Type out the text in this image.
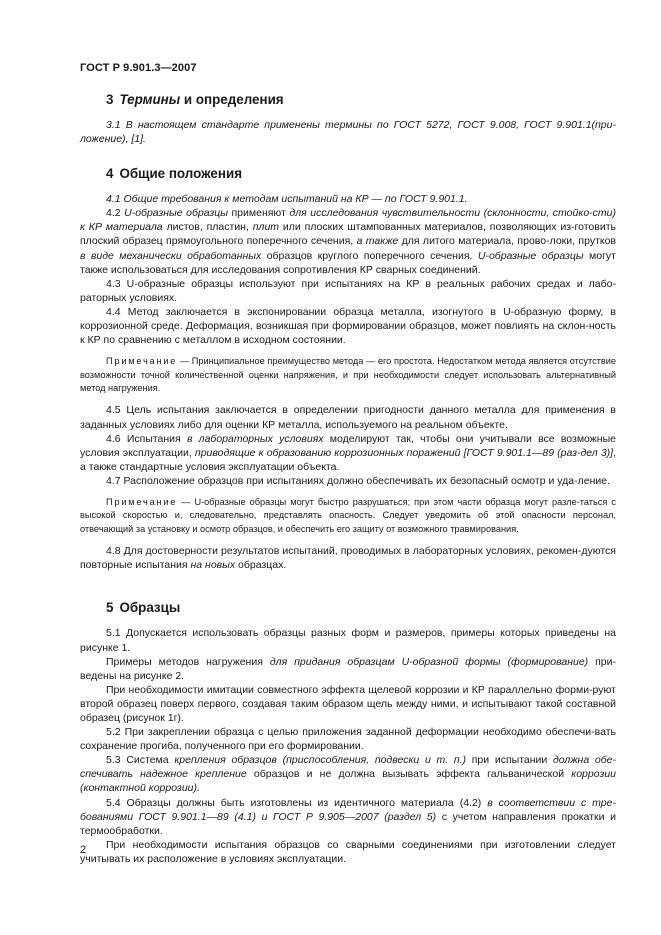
ГОСТ Р 9.901.3—2007
3 Термины и определения

3.1 В настоящем стандарте применены термины по ГОСТ 5272, ГОСТ 9.008, ГОСТ 9.901.1(при-ложение), [1].

4 Общие положения

4.1 Общие требования к методам испытаний на КР — по ГОСТ 9.901.1.

4.2 U-образные образцы применяют для исследования чувствительности (склонности, стойко-сти) к КР материала листов, пластин, плит или плоских штампованных материалов, позволяющих из-готовить плоский образец прямоугольного поперечного сечения, а также для литого материала, прово-локи, прутков в виде механически обработанных образцов круглого поперечного сечения. U-образные образцы могут также использоваться для исследования сопротивления КР сварных соединений.

4.3 U-образные образцы используют при испытаниях на КР в реальных рабочих средах и лабо-раторных условиях.

4.4 Метод заключается в экспонировании образца металла, изогнутого в U-образную форму, в коррозионной среде. Деформация, возникшая при формировании образцов, может повлиять на склон-ность к КР по сравнению с металлом в исходном состоянии.

Примечание — Принципиальное преимущество метода — его простота. Недостатком метода является отсутствие возможности точной количественной оценки напряжения, и при необходимости следует использовать альтернативный метод нагружения.

4.5 Цель испытания заключается в определении пригодности данного металла для применения в заданных условиях либо для оценки КР металла, используемого на реальном объекте.

4.6 Испытания в лабораторных условиях моделируют так, чтобы они учитывали все возможные условия эксплуатации, приводящие к образованию коррозионных поражений [ГОСТ 9.901.1—89 (раз-дел 3)], а также стандартные условия эксплуатации объекта.

4.7 Расположение образцов при испытаниях должно обеспечивать их безопасный осмотр и уда-ление.

Примечание — U-образные образцы могут быстро разрушаться; при этом части образца могут разле-таться с высокой скоростью и, следовательно, представлять опасность. Следует уведомить об этой опасности персонал, отвечающий за установку и осмотр образцов, и обеспечить его защиту от возможного травмирования.

4.8 Для достоверности результатов испытаний, проводимых в лабораторных условиях, рекомен-дуются повторные испытания на новых образцах.

5 Образцы

5.1 Допускается использовать образцы разных форм и размеров, примеры которых приведены на рисунке 1.

Примеры методов нагружения для придания образцам U-образной формы (формирование) при-ведены на рисунке 2.

При необходимости имитации совместного эффекта щелевой коррозии и КР параллельно форми-руют второй образец поверх первого, создавая таким образом щель между ними, и испытывают такой составной образец (рисунок 1г).

5.2 При закреплении образца с целью приложения заданной деформации необходимо обеспечи-вать сохранение прогиба, полученного при его формировании.

5.3 Система крепления образцов (приспособления, подвески и т. п.) при испытании должна обе-спечивать надежное крепление образцов и не должна вызывать эффекта гальванической коррозии (контактной коррозии).

5.4 Образцы должны быть изготовлены из идентичного материала (4.2) в соответствии с тре-бованиями ГОСТ 9.901.1—89 (4.1) и ГОСТ Р 9.905—2007 (раздел 5) с учетом направления прокатки и термообработки.

При необходимости испытания образцов со сварными соединениями при изготовлении следует учитывать их расположение в условиях эксплуатации.

2
